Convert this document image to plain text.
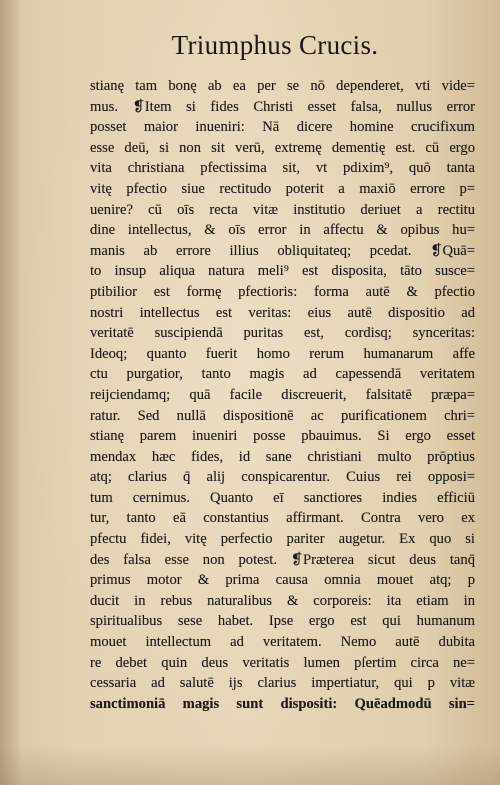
Triumphus Crucis.
stianę tam bonę ab ea per se nō dependeret, vti vide=
mus. ❡Item si fides Christi esset falsa, nullus error
posset maior inueniri: Nā dicere homine crucifixum
esse deū, si non sit verū, extremę dementię est. cū ergo
vita christiana pfectissima sit, vt pdixim⁹, quō tanta
vitę pfectio siue rectitudo poterit a maxiō errore p=
uenire? cū oīs recta vitæ institutio deriuet a rectitu
dine intellectus, & oīs error in affectu & opibus hu=
manis ab errore illius obliquitateq; pcedat. ❡Quā=
to insup aliqua natura meli⁹ est disposita, tāto susce=
ptibilior est formę pfectioris: forma autē & pfectio
nostri intellectus est veritas: eius autē dispositio ad
veritatē suscipiendā puritas est, cordisq; synceritas:
Ideoq; quanto fuerit homo rerum humanarum affe
ctu purgatior, tanto magis ad capessendā veritatem
reijciendamq; quā facile discreuerit, falsitatē præpa=
ratur. Sed nullā dispositionē ac purificationem chri=
stianę parem inueniri posse pbauimus. Si ergo esset
mendax hæc fides, id sane christiani multo prōptius
atq; clarius q̄ alij conspicarentur. Cuius rei opposi=
tum cernimus. Quanto eī sanctiores indies efficiū
tur, tanto eā constantius affirmant. Contra vero ex
pfectu fidei, vitę perfectio pariter augetur. Ex quo si
des falsa esse non potest. ❡Præterea sicut deus tanq̄
primus motor & prima causa omnia mouet atq; p
ducit in rebus naturalibus & corporeis: ita etiam in
spiritualibus sese habet. Ipse ergo est qui humanum
mouet intellectum ad veritatem. Nemo autē dubita
re debet quin deus veritatis lumen pſertim circa ne=
cessaria ad salutē ijs clarius impertiatur, qui p vitæ
sanctimoniā magis sunt dispositi: Quēadmodū sin=
